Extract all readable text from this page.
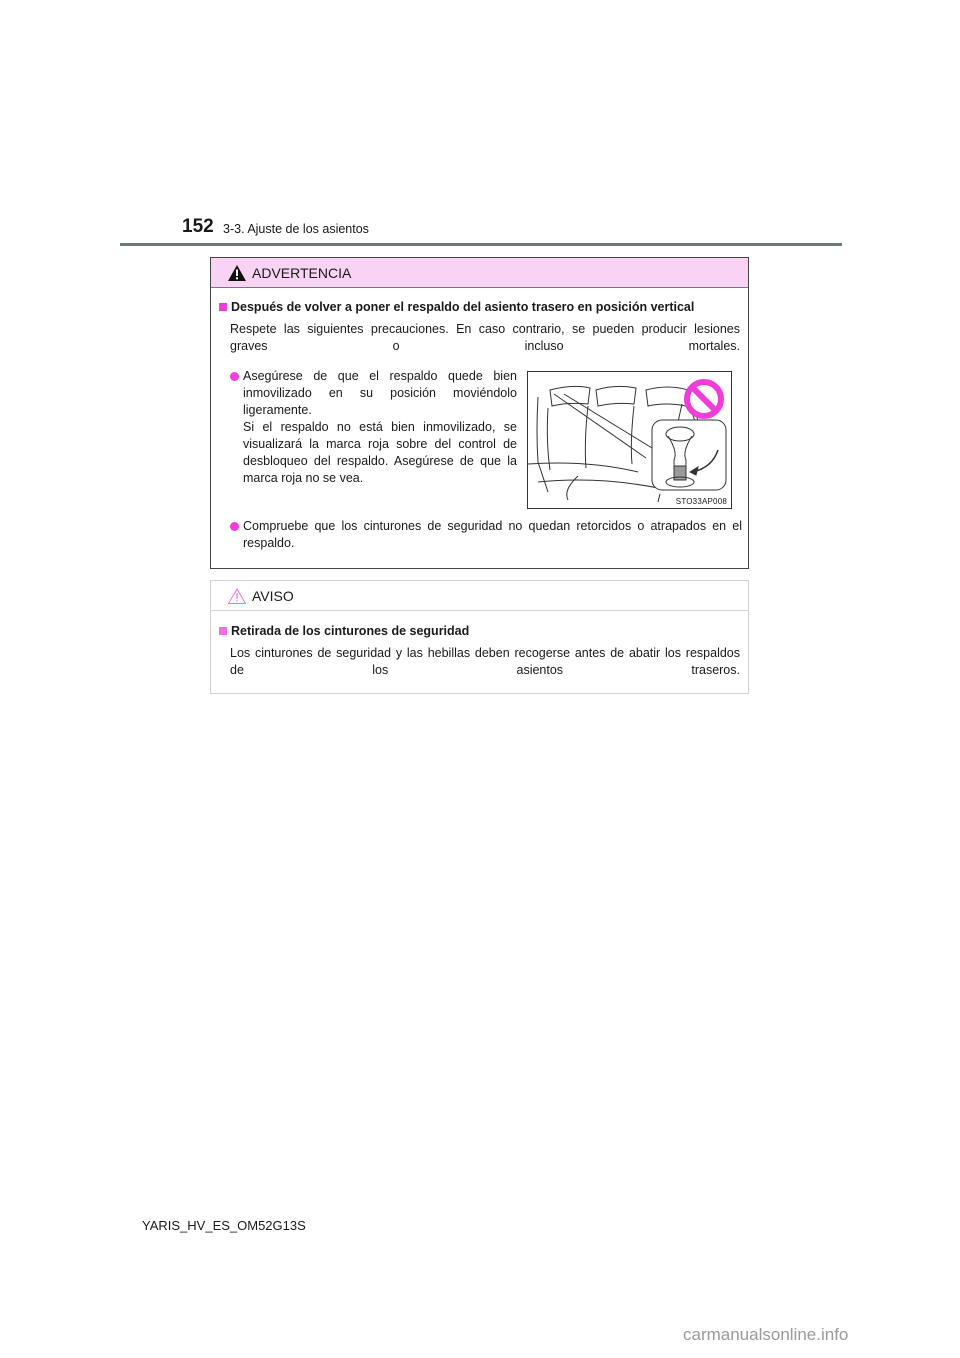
152 3-3. Ajuste de los asientos
ADVERTENCIA
Después de volver a poner el respaldo del asiento trasero en posición vertical
Respete las siguientes precauciones. En caso contrario, se pueden producir lesiones graves o incluso mortales.
Asegúrese de que el respaldo quede bien inmovilizado en su posición moviéndolo ligeramente.
Si el respaldo no está bien inmovilizado, se visualizará la marca roja sobre del control de desbloqueo del respaldo. Asegúrese de que la marca roja no se vea.
STO33AP008
Compruebe que los cinturones de seguridad no quedan retorcidos o atrapados en el respaldo.
AVISO
Retirada de los cinturones de seguridad
Los cinturones de seguridad y las hebillas deben recogerse antes de abatir los respaldos de los asientos traseros.
YARIS_HV_ES_OM52G13S
carmanualsonline.info
